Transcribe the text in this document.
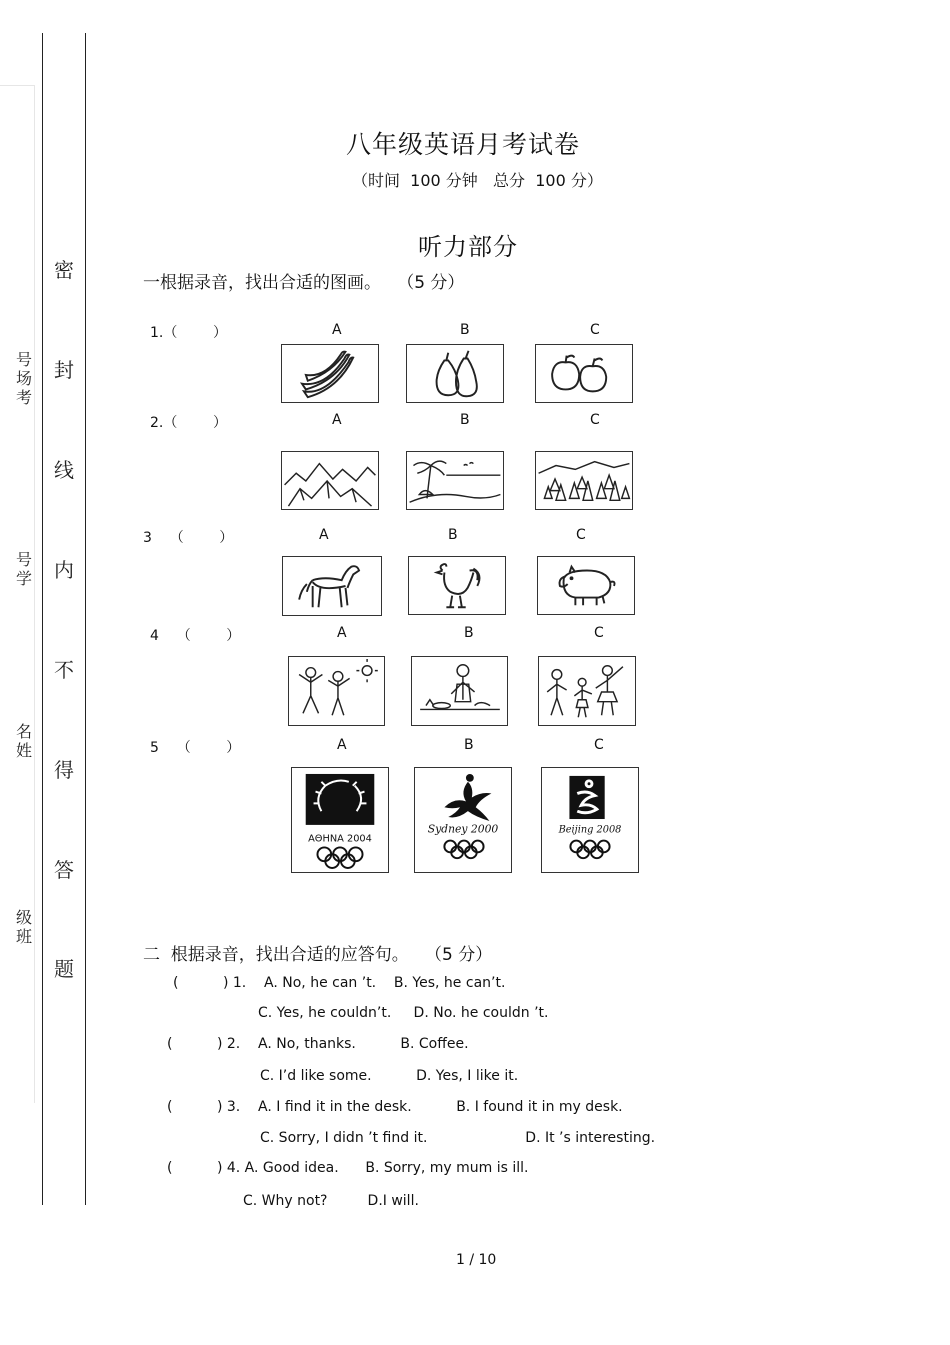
号场考
号学
名姓
级班
密
封
线
内
不
得
答
题
八年级英语月考试卷
（时间  100 分钟   总分  100 分）
听力部分
一根据录音，找出合适的图画。   （5 分）
1.（        ）	A	B	C
2.（        ）	A	B	C
3    （        ）	A	B	C
4    （        ）	A	B	C
5    （        ）	A	B	C
ΑΘΗΝΑ 2004
Sydney 2000	Beijing 2008
二  根据录音，找出合适的应答句。   （5 分）
(          ) 1.    A. No, he can ’t.    B. Yes, he can’t.
C. Yes, he couldn’t.     D. No. he couldn ’t.
(          ) 2.    A. No, thanks.          B. Coffee.
C. I’d like some.          D. Yes, I like it.
(          ) 3.    A. I find it in the desk.          B. I found it in my desk.
C. Sorry, I didn ’t find it.                      D. It ’s interesting.
(          ) 4. A. Good idea.      B. Sorry, my mum is ill.
C. Why not?         D.I will.
1 / 10
